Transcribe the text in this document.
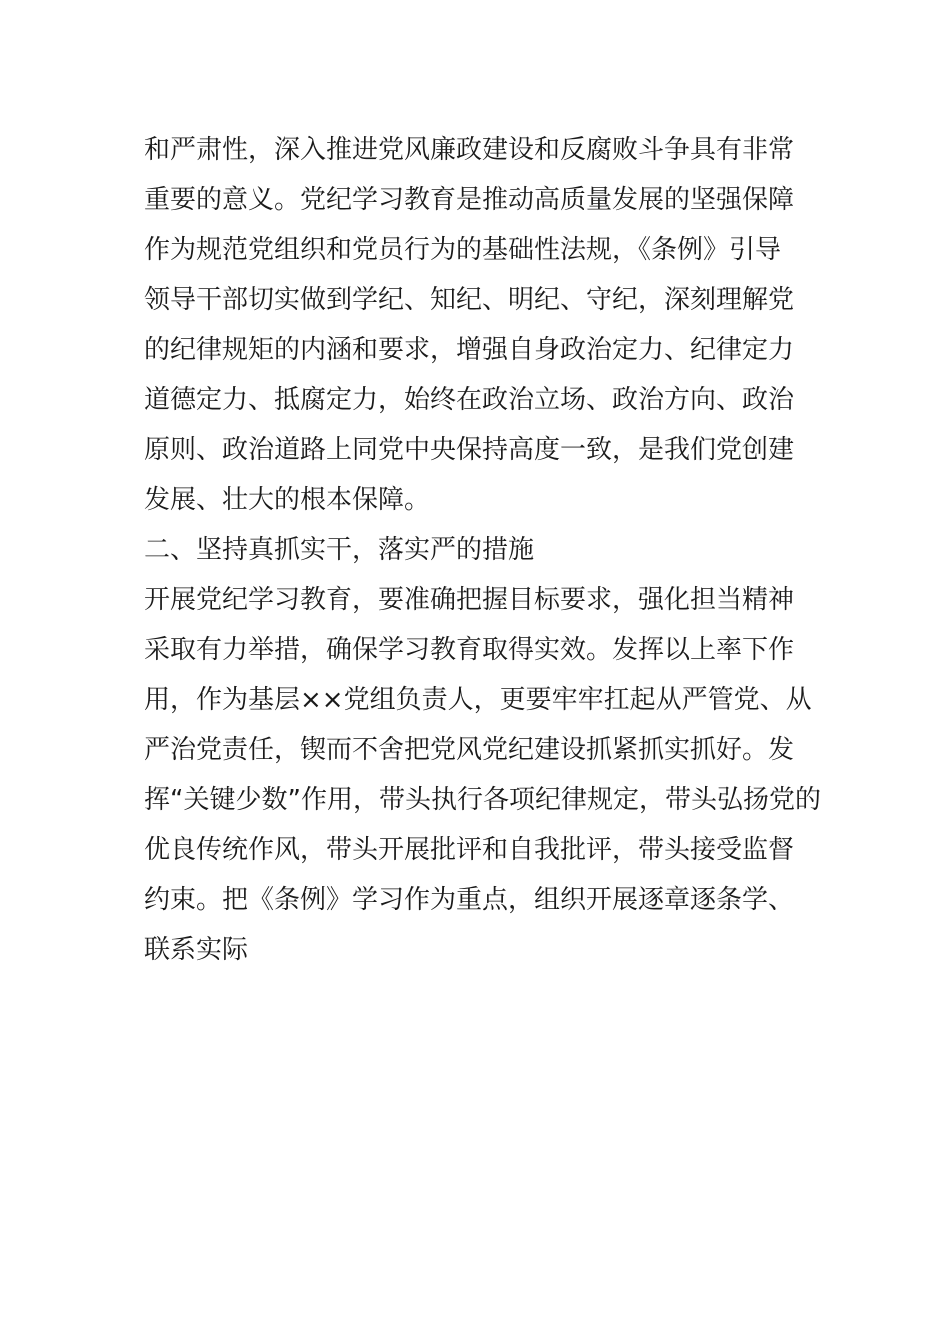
和严肃性，深入推进党风廉政建设和反腐败斗争具有非常
重要的意义。党纪学习教育是推动高质量发展的坚强保障
作为规范党组织和党员行为的基础性法规，《条例》引导
领导干部切实做到学纪、知纪、明纪、守纪，深刻理解党
的纪律规矩的内涵和要求，增强自身政治定力、纪律定力
道德定力、抵腐定力，始终在政治立场、政治方向、政治
原则、政治道路上同党中央保持高度一致，是我们党创建
发展、壮大的根本保障。
二、坚持真抓实干，落实严的措施
开展党纪学习教育，要准确把握目标要求，强化担当精神
采取有力举措，确保学习教育取得实效。发挥以上率下作
用，作为基层××党组负责人，更要牢牢扛起从严管党、从
严治党责任，锲而不舍把党风党纪建设抓紧抓实抓好。发
挥“关键少数”作用，带头执行各项纪律规定，带头弘扬党的
优良传统作风，带头开展批评和自我批评，带头接受监督
约束。把《条例》学习作为重点，组织开展逐章逐条学、
联系实际
